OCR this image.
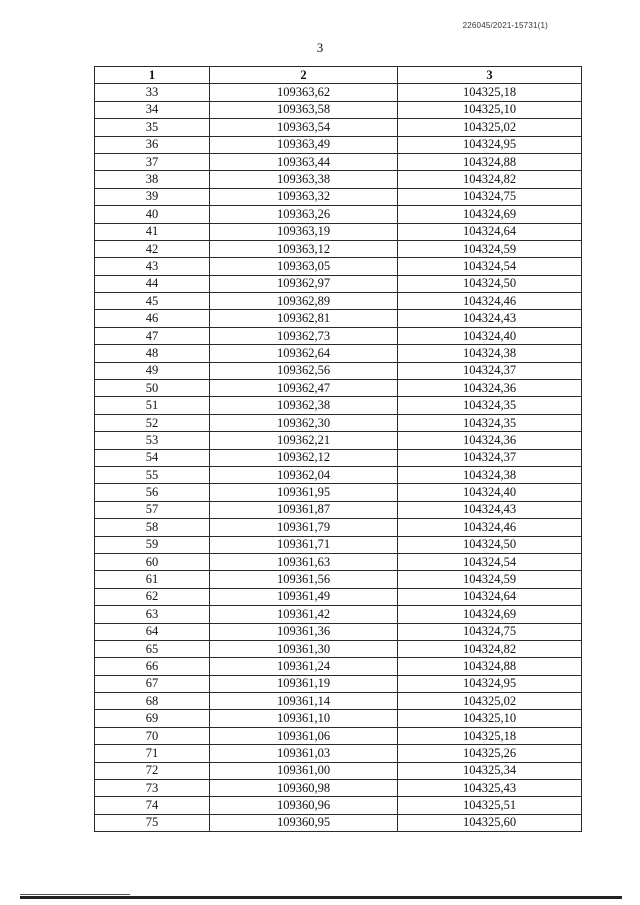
226045/2021-15731(1)
3
1	2	3
33	109363,62	104325,18
34	109363,58	104325,10
35	109363,54	104325,02
36	109363,49	104324,95
37	109363,44	104324,88
38	109363,38	104324,82
39	109363,32	104324,75
40	109363,26	104324,69
41	109363,19	104324,64
42	109363,12	104324,59
43	109363,05	104324,54
44	109362,97	104324,50
45	109362,89	104324,46
46	109362,81	104324,43
47	109362,73	104324,40
48	109362,64	104324,38
49	109362,56	104324,37
50	109362,47	104324,36
51	109362,38	104324,35
52	109362,30	104324,35
53	109362,21	104324,36
54	109362,12	104324,37
55	109362,04	104324,38
56	109361,95	104324,40
57	109361,87	104324,43
58	109361,79	104324,46
59	109361,71	104324,50
60	109361,63	104324,54
61	109361,56	104324,59
62	109361,49	104324,64
63	109361,42	104324,69
64	109361,36	104324,75
65	109361,30	104324,82
66	109361,24	104324,88
67	109361,19	104324,95
68	109361,14	104325,02
69	109361,10	104325,10
70	109361,06	104325,18
71	109361,03	104325,26
72	109361,00	104325,34
73	109360,98	104325,43
74	109360,96	104325,51
75	109360,95	104325,60
